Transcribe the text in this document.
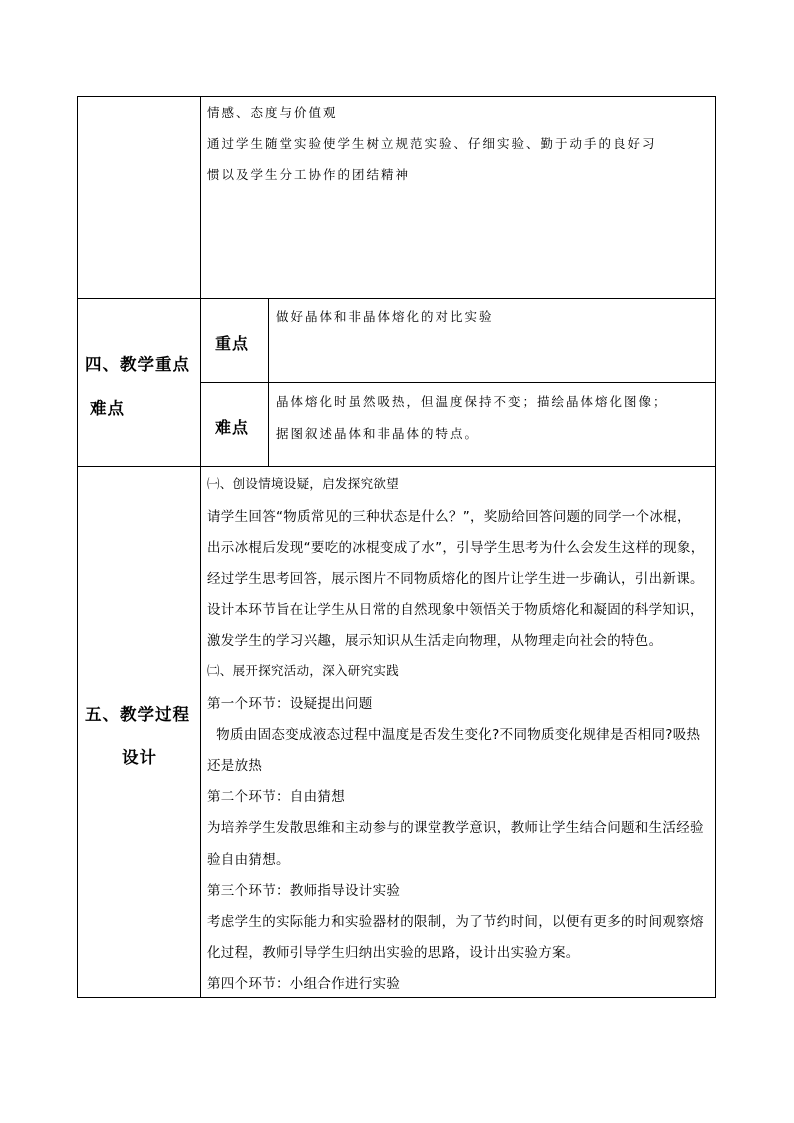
情感、态度与价值观
通过学生随堂实验使学生树立规范实验、仔细实验、勤于动手的良好习
惯以及学生分工协作的团结精神
四、教学重点
难点
重点
做好晶体和非晶体熔化的对比实验
难点
晶体熔化时虽然吸热，但温度保持不变；描绘晶体熔化图像；
据图叙述晶体和非晶体的特点。
五、教学过程
设计
㈠、创设情境设疑，启发探究欲望
请学生回答“物质常见的三种状态是什么？”，奖励给回答问题的同学一个冰棍，
出示冰棍后发现“要吃的冰棍变成了水”，引导学生思考为什么会发生这样的现象，
经过学生思考回答，展示图片不同物质熔化的图片让学生进一步确认，引出新课。
设计本环节旨在让学生从日常的自然现象中领悟关于物质熔化和凝固的科学知识，
激发学生的学习兴趣，展示知识从生活走向物理，从物理走向社会的特色。
㈡、展开探究活动，深入研究实践
第一个环节：设疑提出问题
物质由固态变成液态过程中温度是否发生变化?不同物质变化规律是否相同?吸热
还是放热
第二个环节：自由猜想
为培养学生发散思维和主动参与的课堂教学意识，教师让学生结合问题和生活经验
验自由猜想。
第三个环节：教师指导设计实验
考虑学生的实际能力和实验器材的限制，为了节约时间，以便有更多的时间观察熔
化过程，教师引导学生归纳出实验的思路，设计出实验方案。
第四个环节：小组合作进行实验
